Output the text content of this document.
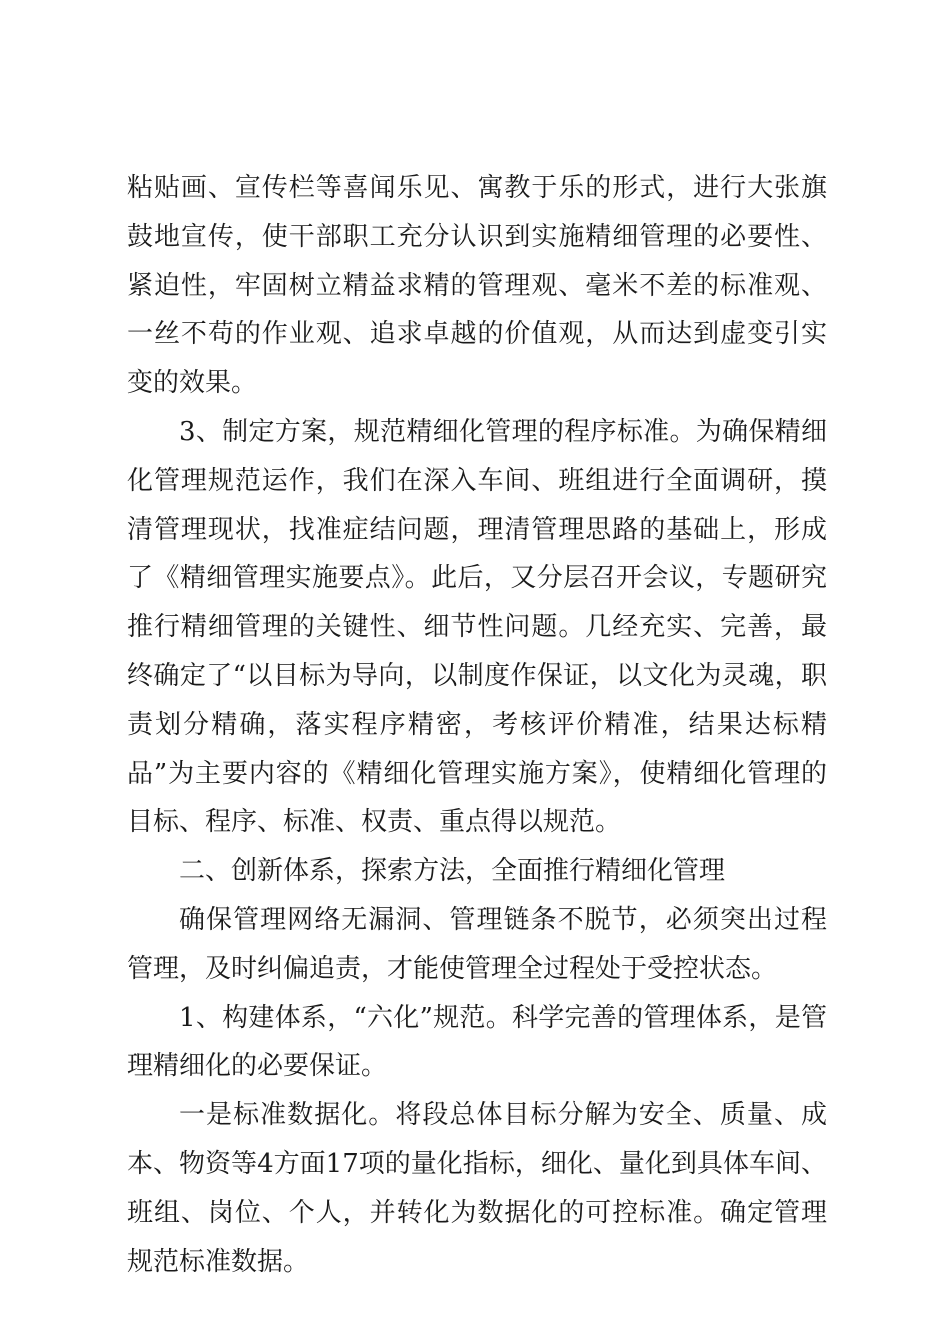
粘贴画、宣传栏等喜闻乐见、寓教于乐的形式，进行大张旗鼓地宣传，使干部职工充分认识到实施精细管理的必要性、紧迫性，牢固树立精益求精的管理观、毫米不差的标准观、一丝不苟的作业观、追求卓越的价值观，从而达到虚变引实变的效果。

3、制定方案，规范精细化管理的程序标准。为确保精细化管理规范运作，我们在深入车间、班组进行全面调研，摸清管理现状，找准症结问题，理清管理思路的基础上，形成了《精细管理实施要点》。此后，又分层召开会议，专题研究推行精细管理的关键性、细节性问题。几经充实、完善，最终确定了“以目标为导向，以制度作保证，以文化为灵魂，职责划分精确，落实程序精密，考核评价精准，结果达标精品”为主要内容的《精细化管理实施方案》，使精细化管理的目标、程序、标准、权责、重点得以规范。

二、创新体系，探索方法，全面推行精细化管理

确保管理网络无漏洞、管理链条不脱节，必须突出过程管理，及时纠偏追责，才能使管理全过程处于受控状态。

1、构建体系，“六化”规范。科学完善的管理体系，是管理精细化的必要保证。

一是标准数据化。将段总体目标分解为安全、质量、成本、物资等4方面17项的量化指标，细化、量化到具体车间、班组、岗位、个人，并转化为数据化的可控标准。确定管理规范标准数据。
